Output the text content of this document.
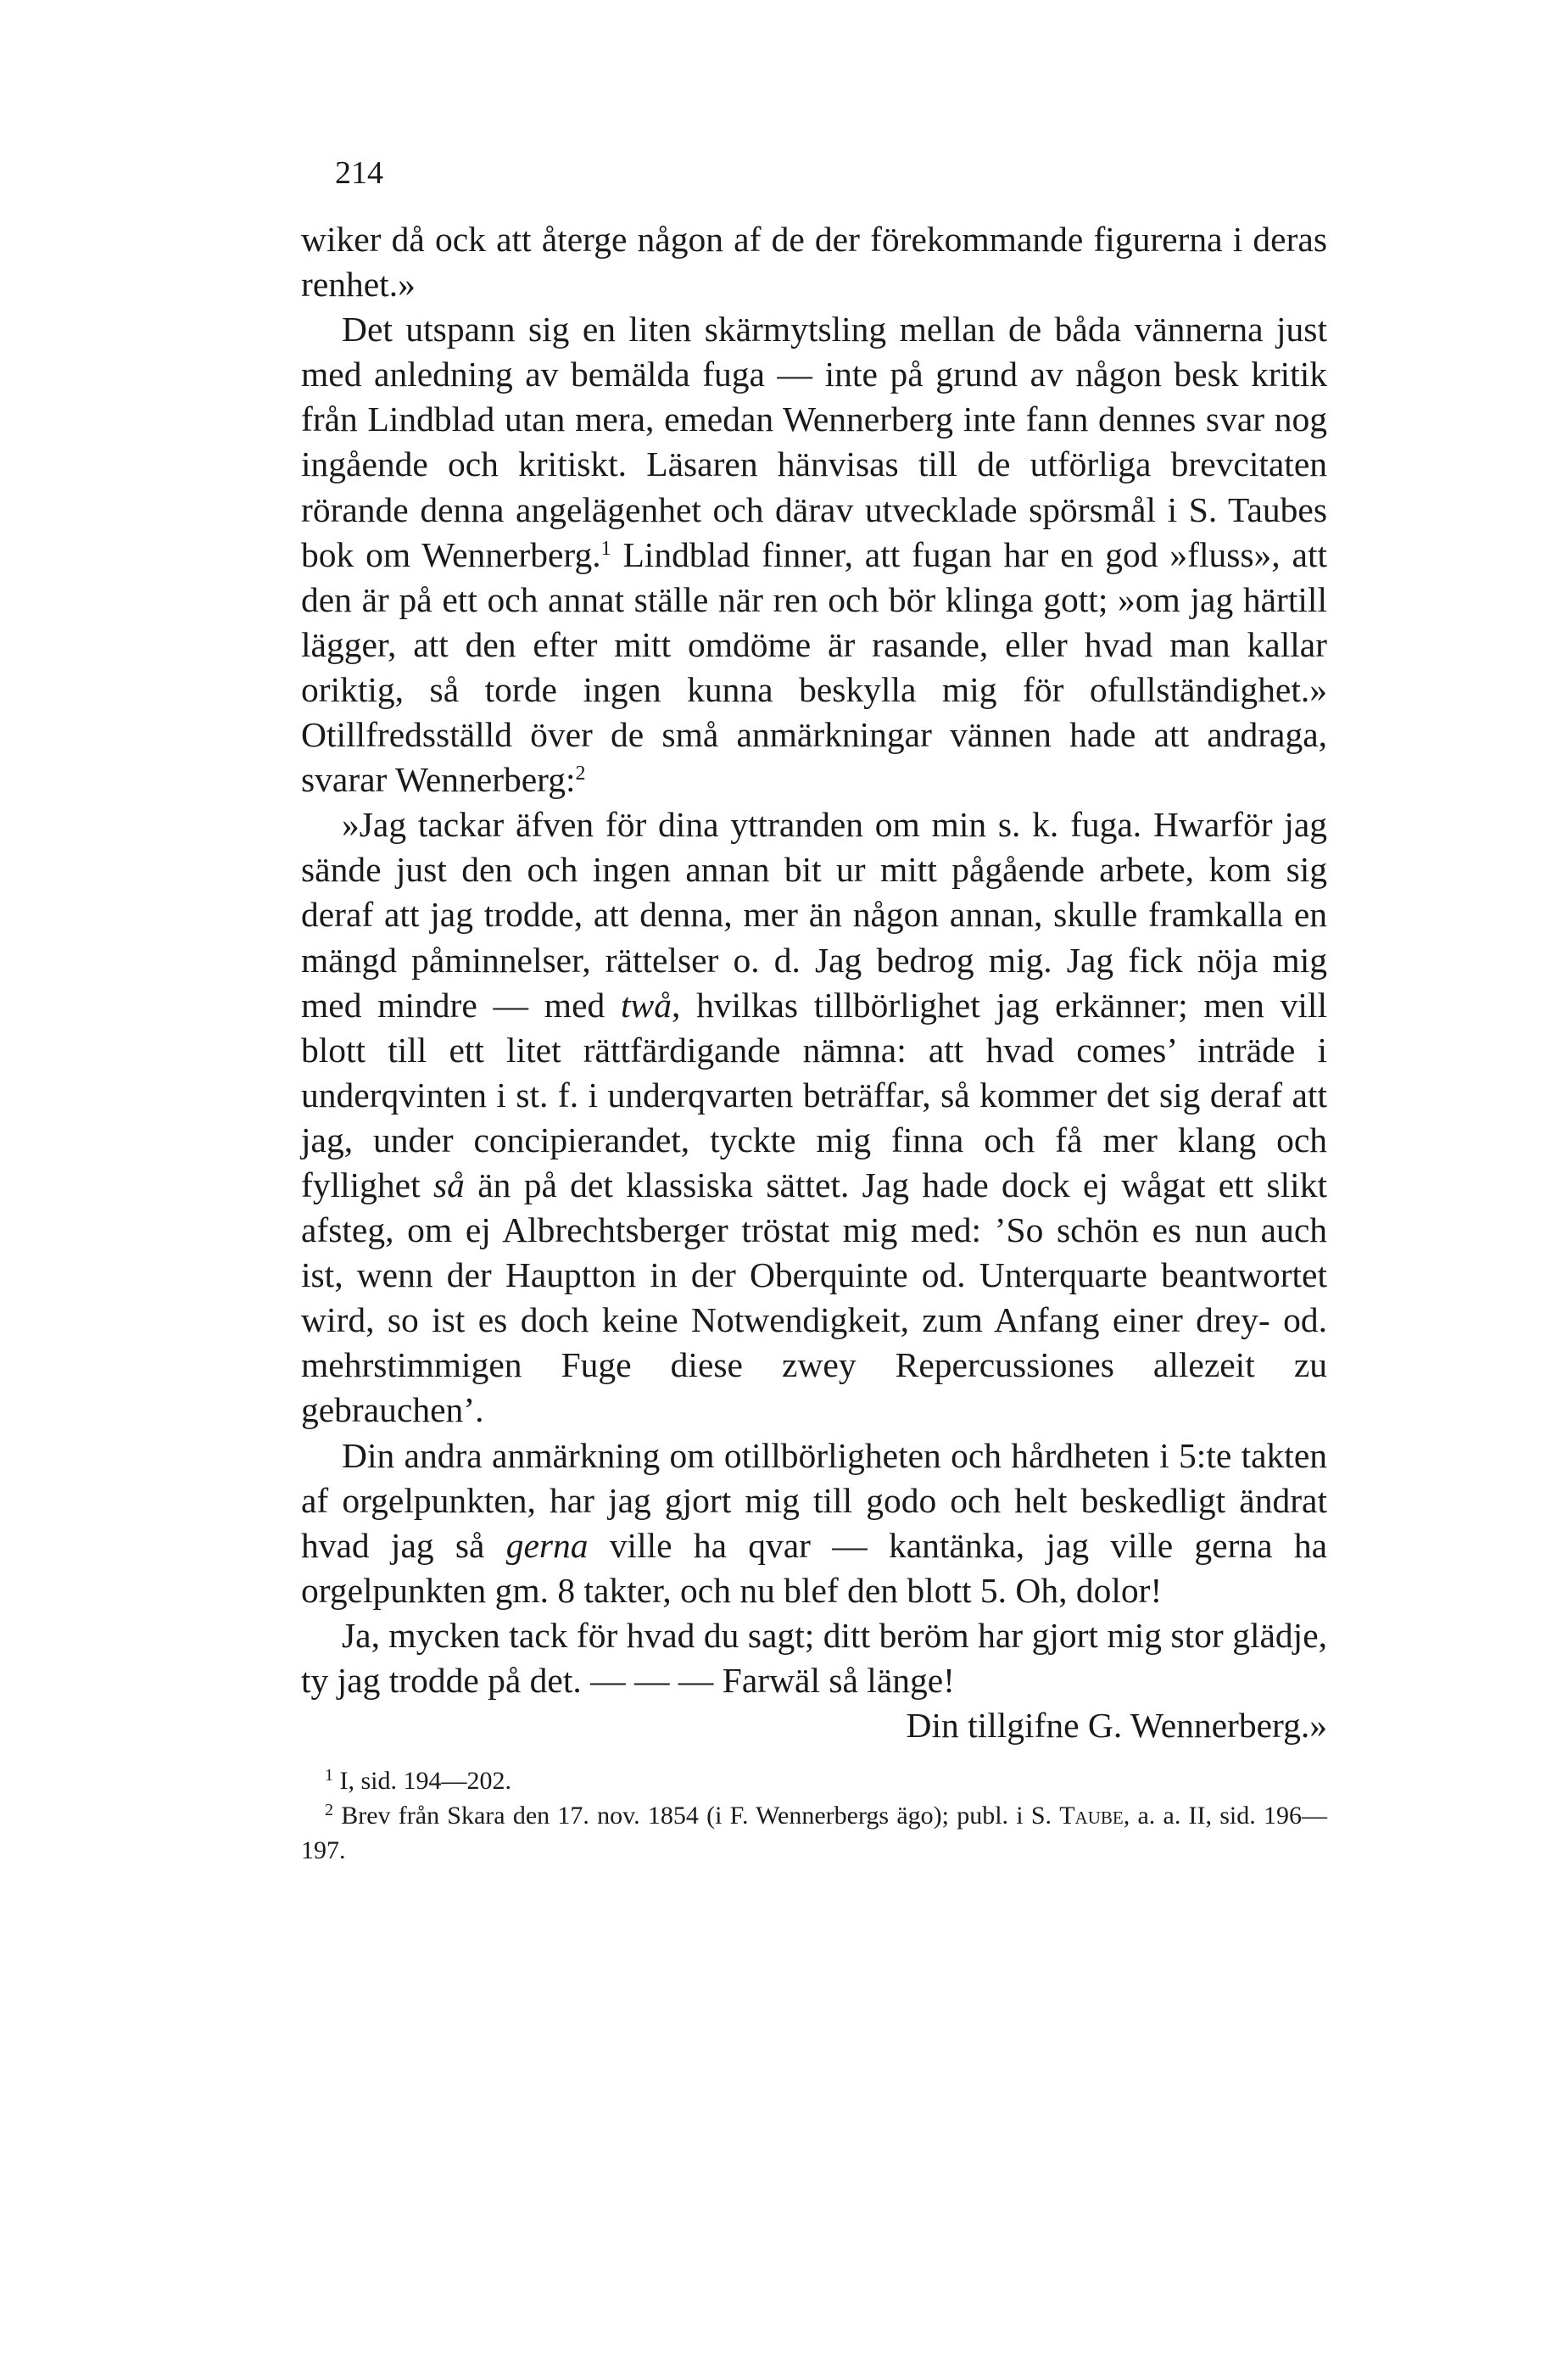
214

wiker då ock att återge någon af de der förekommande figurerna i deras renhet.»

Det utspann sig en liten skärmytsling mellan de båda vännerna just med anledning av bemälda fuga — inte på grund av någon besk kritik från Lindblad utan mera, emedan Wennerberg inte fann dennes svar nog ingående och kritiskt. Läsaren hänvisas till de utförliga brevcitaten rörande denna angelägenhet och därav utvecklade spörsmål i S. Taubes bok om Wennerberg.$^1$ Lindblad finner, att fugan har en god »fluss», att den är på ett och annat ställe när ren och bör klinga gott; »om jag härtill lägger, att den efter mitt omdöme är rasande, eller hvad man kallar oriktig, så torde ingen kunna beskylla mig för ofullständighet.» Otillfredsställd över de små anmärkningar vännen hade att andraga, svarar Wennerberg:$^2$

»Jag tackar äfven för dina yttranden om min s. k. fuga. Hwarför jag sände just den och ingen annan bit ur mitt pågående arbete, kom sig deraf att jag trodde, att denna, mer än någon annan, skulle framkalla en mängd påminnelser, rättelser o. d. Jag bedrog mig. Jag fick nöja mig med mindre — med twå, hvilkas tillbörlighet jag erkänner; men vill blott till ett litet rättfärdigande nämna: att hvad comes’ inträde i underqvinten i st. f. i underqvarten beträffar, så kommer det sig deraf att jag, under concipierandet, tyckte mig finna och få mer klang och fyllighet så än på det klassiska sättet. Jag hade dock ej wågat ett slikt afsteg, om ej Albrechtsberger tröstat mig med: ’So schön es nun auch ist, wenn der Hauptton in der Oberquinte od. Unterquarte beantwortet wird, so ist es doch keine Notwendigkeit, zum Anfang einer drey- od. mehrstimmigen Fuge diese zwey Repercussiones allezeit zu gebrauchen’.

Din andra anmärkning om otillbörligheten och hårdheten i 5:te takten af orgelpunkten, har jag gjort mig till godo och helt beskedligt ändrat hvad jag så gerna ville ha qvar — kantänka, jag ville gerna ha orgelpunkten gm. 8 takter, och nu blef den blott 5. Oh, dolor!

Ja, mycken tack för hvad du sagt; ditt beröm har gjort mig stor glädje, ty jag trodde på det. — — — Farwäl så länge!

Din tillgifne G. Wennerberg.»

$^1$ I, sid. 194—202.

$^2$ Brev från Skara den 17. nov. 1854 (i F. Wennerbergs ägo); publ. i S. Taube, a. a. II, sid. 196—197.
